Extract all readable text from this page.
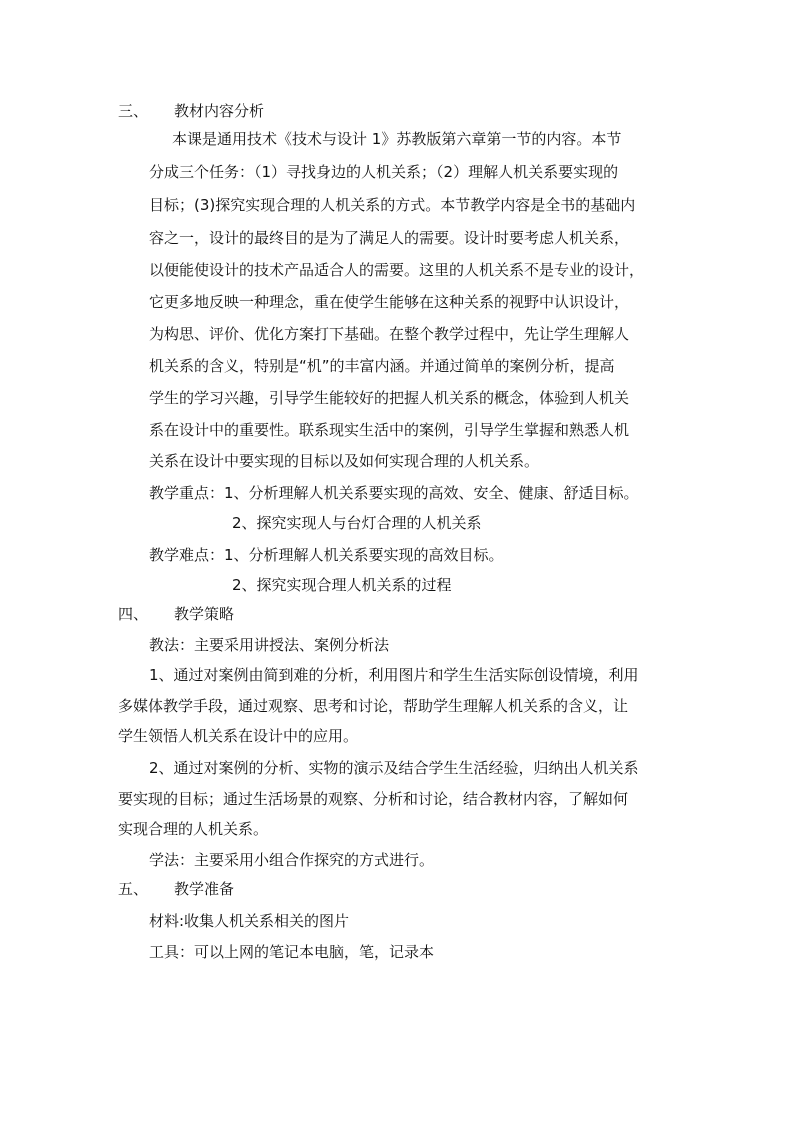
三、 教材内容分析
本课是通用技术《技术与设计 1》苏教版第六章第一节的内容。本节
分成三个任务：（1）寻找身边的人机关系；（2）理解人机关系要实现的
目标；(3)探究实现合理的人机关系的方式。本节教学内容是全书的基础内
容之一，设计的最终目的是为了满足人的需要。设计时要考虑人机关系，
以便能使设计的技术产品适合人的需要。这里的人机关系不是专业的设计，
它更多地反映一种理念，重在使学生能够在这种关系的视野中认识设计，
为构思、评价、优化方案打下基础。在整个教学过程中，先让学生理解人
机关系的含义，特别是“机”的丰富内涵。并通过简单的案例分析，提高
学生的学习兴趣，引导学生能较好的把握人机关系的概念，体验到人机关
系在设计中的重要性。联系现实生活中的案例，引导学生掌握和熟悉人机
关系在设计中要实现的目标以及如何实现合理的人机关系。
教学重点：1、分析理解人机关系要实现的高效、安全、健康、舒适目标。
2、探究实现人与台灯合理的人机关系
教学难点：1、分析理解人机关系要实现的高效目标。
2、探究实现合理人机关系的过程
四、 教学策略
教法：主要采用讲授法、案例分析法
1、通过对案例由简到难的分析，利用图片和学生生活实际创设情境，利用
多媒体教学手段，通过观察、思考和讨论，帮助学生理解人机关系的含义，让
学生领悟人机关系在设计中的应用。
2、通过对案例的分析、实物的演示及结合学生生活经验，归纳出人机关系
要实现的目标；通过生活场景的观察、分析和讨论，结合教材内容，了解如何
实现合理的人机关系。
学法：主要采用小组合作探究的方式进行。
五、 教学准备
材料:收集人机关系相关的图片
工具：可以上网的笔记本电脑，笔，记录本
